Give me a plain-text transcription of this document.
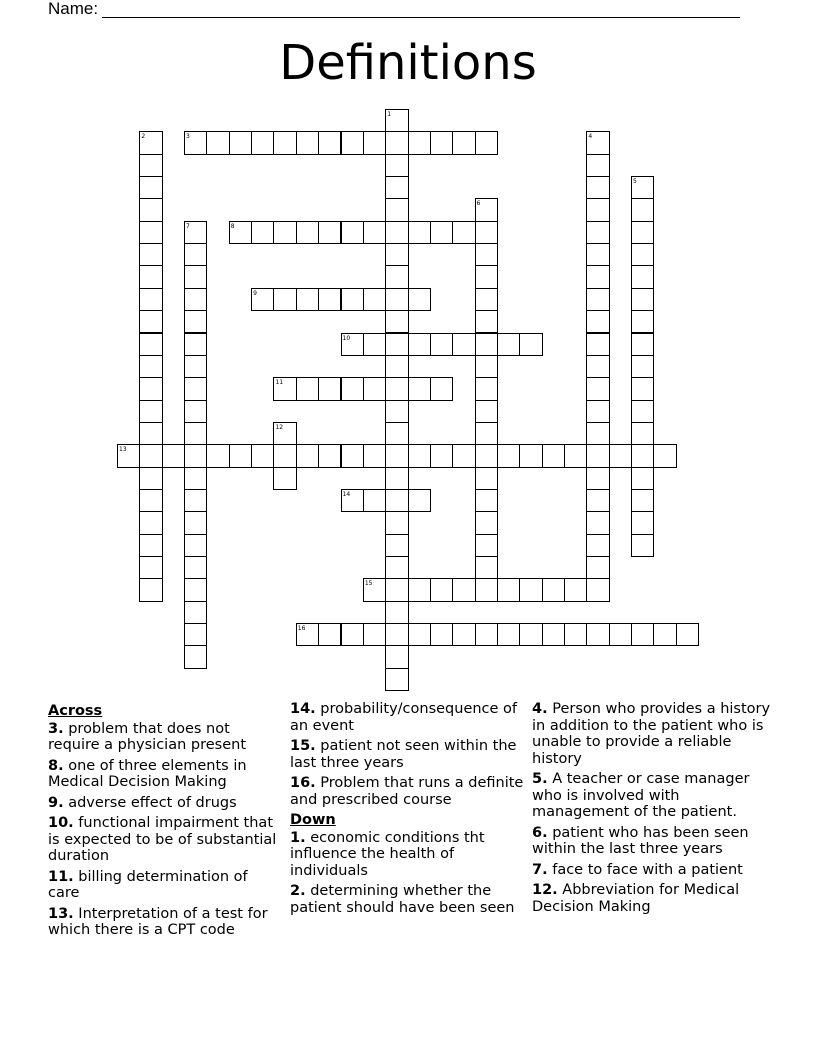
Name:
Definitions
1
2	3	4
5
6
7	8
9
10
11
12
13
14
15
16
Across
3. problem that does not require a physician present
8. one of three elements in Medical Decision Making
9. adverse effect of drugs
10. functional impairment that is expected to be of substantial duration
11. billing determination of care
13. Interpretation of a test for which there is a CPT code
14. probability/consequence of an event
15. patient not seen within the last three years
16. Problem that runs a definite and prescribed course
Down
1. economic conditions tht influence the health of individuals
2. determining whether the patient should have been seen
4. Person who provides a history in addition to the patient who is unable to provide a reliable history
5. A teacher or case manager who is involved with management of the patient.
6. patient who has been seen within the last three years
7. face to face with a patient
12. Abbreviation for Medical Decision Making
